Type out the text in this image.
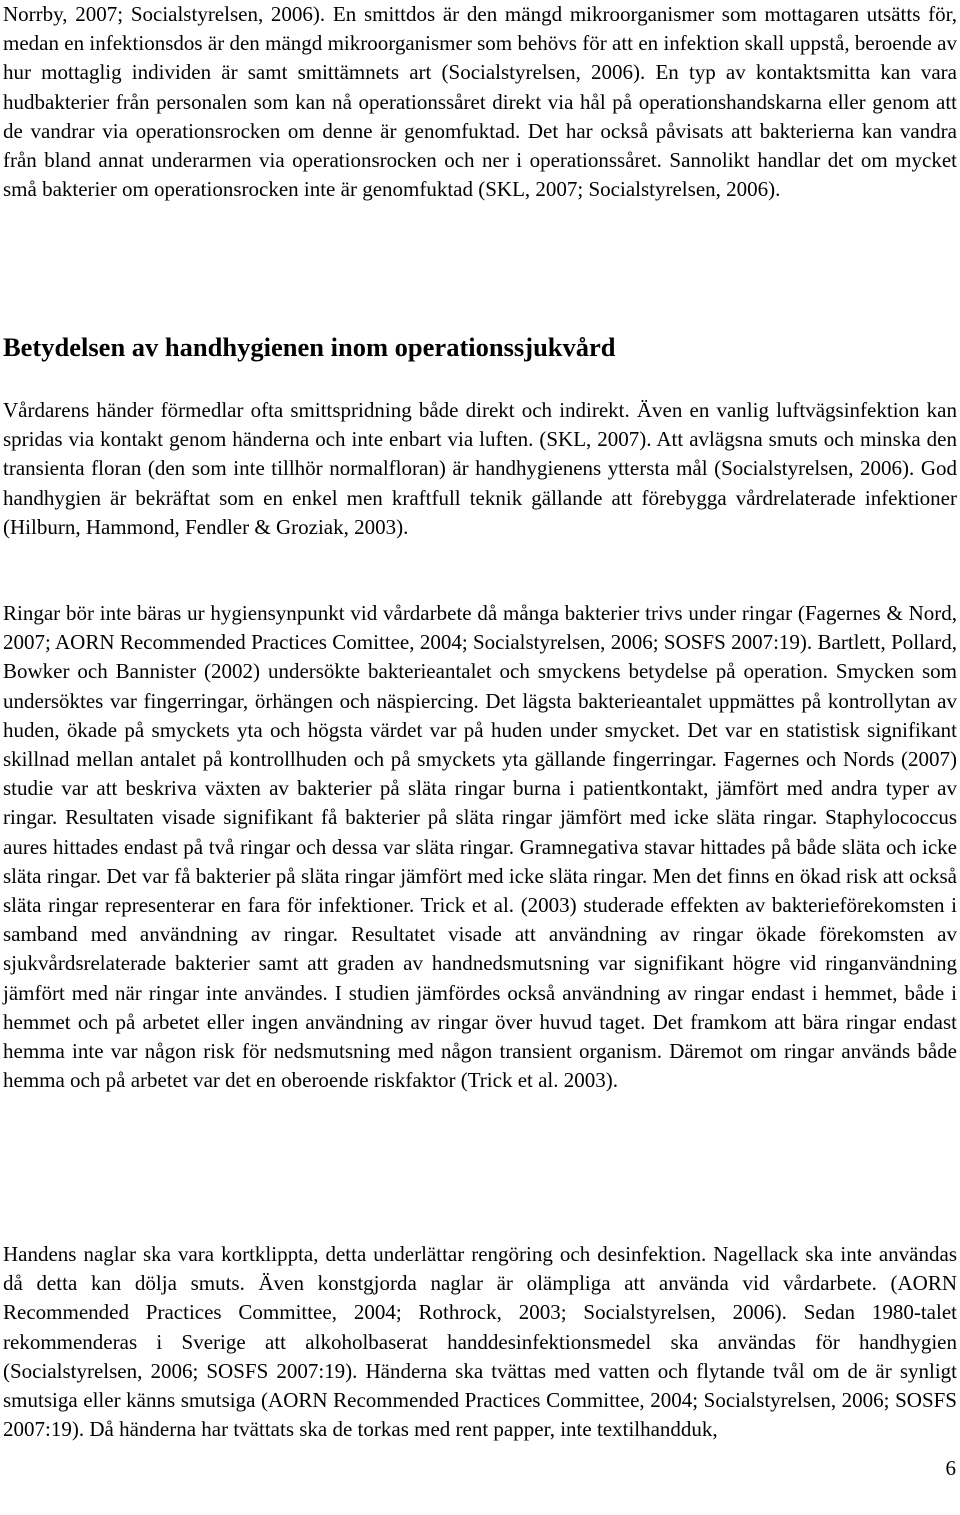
Norrby, 2007; Socialstyrelsen, 2006). En smittdos är den mängd mikroorganismer som mottagaren utsätts för, medan en infektionsdos är den mängd mikroorganismer som behövs för att en infektion skall uppstå, beroende av hur mottaglig individen är samt smittämnets art (Socialstyrelsen, 2006). En typ av kontaktsmitta kan vara hudbakterier från personalen som kan nå operationssåret direkt via hål på operationshandskarna eller genom att de vandrar via operationsrocken om denne är genomfuktad. Det har också påvisats att bakterierna kan vandra från bland annat underarmen via operationsrocken och ner i operationssåret. Sannolikt handlar det om mycket små bakterier om operationsrocken inte är genomfuktad (SKL, 2007; Socialstyrelsen, 2006).

Betydelsen av handhygienen inom operationssjukvård

Vårdarens händer förmedlar ofta smittspridning både direkt och indirekt. Även en vanlig luftvägsinfektion kan spridas via kontakt genom händerna och inte enbart via luften. (SKL, 2007). Att avlägsna smuts och minska den transienta floran (den som inte tillhör normalfloran) är handhygienens yttersta mål (Socialstyrelsen, 2006). God handhygien är bekräftat som en enkel men kraftfull teknik gällande att förebygga vårdrelaterade infektioner (Hilburn, Hammond, Fendler & Groziak, 2003).

Ringar bör inte bäras ur hygiensynpunkt vid vårdarbete då många bakterier trivs under ringar (Fagernes & Nord, 2007; AORN Recommended Practices Comittee, 2004; Socialstyrelsen, 2006; SOSFS 2007:19). Bartlett, Pollard, Bowker och Bannister (2002) undersökte bakterieantalet och smyckens betydelse på operation. Smycken som undersöktes var fingerringar, örhängen och näspiercing. Det lägsta bakterieantalet uppmättes på kontrollytan av huden, ökade på smyckets yta och högsta värdet var på huden under smycket. Det var en statistisk signifikant skillnad mellan antalet på kontrollhuden och på smyckets yta gällande fingerringar. Fagernes och Nords (2007) studie var att beskriva växten av bakterier på släta ringar burna i patientkontakt, jämfört med andra typer av ringar. Resultaten visade signifikant få bakterier på släta ringar jämfört med icke släta ringar. Staphylococcus aures hittades endast på två ringar och dessa var släta ringar. Gramnegativa stavar hittades på både släta och icke släta ringar. Det var få bakterier på släta ringar jämfört med icke släta ringar. Men det finns en ökad risk att också släta ringar representerar en fara för infektioner. Trick et al. (2003) studerade effekten av bakterieförekomsten i samband med användning av ringar. Resultatet visade att användning av ringar ökade förekomsten av sjukvårdsrelaterade bakterier samt att graden av handnedsmutsning var signifikant högre vid ringanvändning jämfört med när ringar inte användes. I studien jämfördes också användning av ringar endast i hemmet, både i hemmet och på arbetet eller ingen användning av ringar över huvud taget. Det framkom att bära ringar endast hemma inte var någon risk för nedsmutsning med någon transient organism. Däremot om ringar används både hemma och på arbetet var det en oberoende riskfaktor (Trick et al. 2003).

Handens naglar ska vara kortklippta, detta underlättar rengöring och desinfektion. Nagellack ska inte användas då detta kan dölja smuts. Även konstgjorda naglar är olämpliga att använda vid vårdarbete. (AORN Recommended Practices Committee, 2004; Rothrock, 2003; Socialstyrelsen, 2006). Sedan 1980-talet rekommenderas i Sverige att alkoholbaserat handdesinfektionsmedel ska användas för handhygien (Socialstyrelsen, 2006; SOSFS 2007:19). Händerna ska tvättas med vatten och flytande tvål om de är synligt smutsiga eller känns smutsiga (AORN Recommended Practices Committee, 2004; Socialstyrelsen, 2006; SOSFS 2007:19). Då händerna har tvättats ska de torkas med rent papper, inte textilhandduk,

6
